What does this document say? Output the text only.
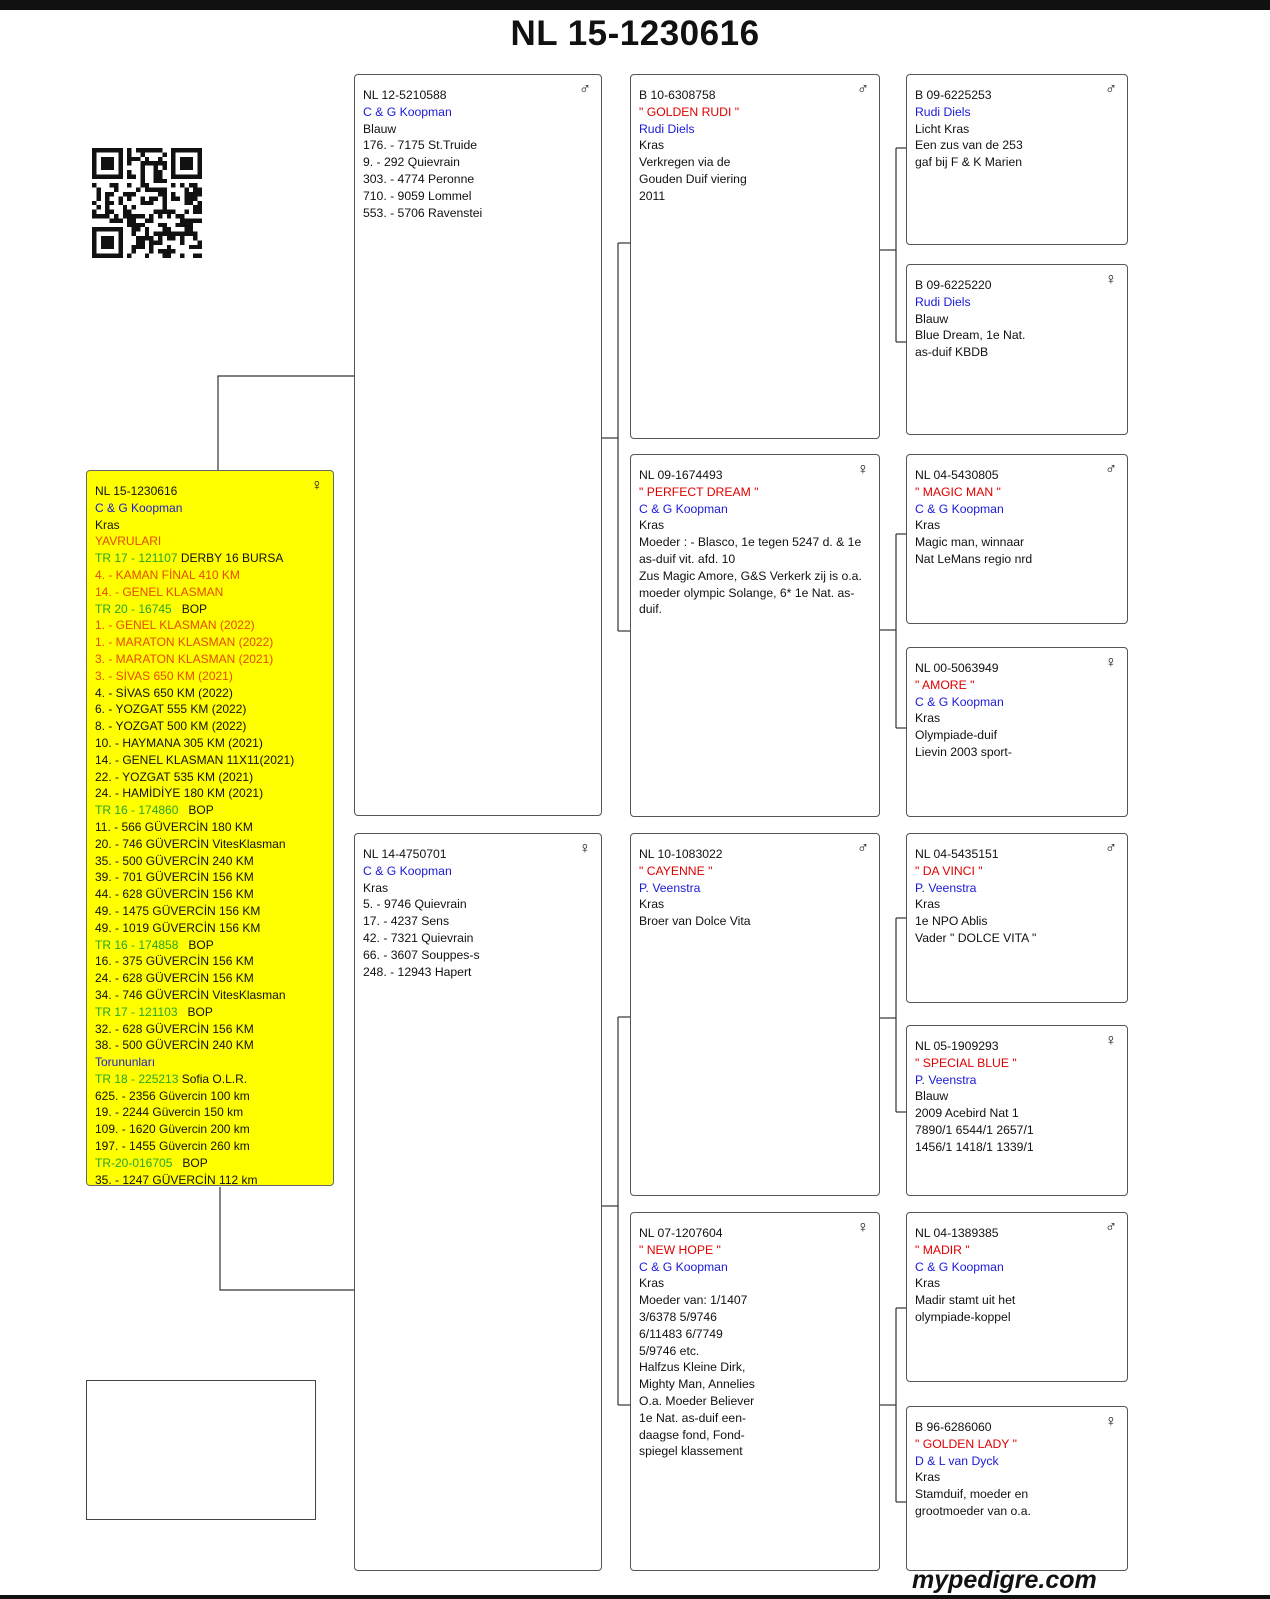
NL 15-1230616
♀
NL 15-1230616
C & G Koopman
Kras
YAVRULARI
TR 17 - 121107 DERBY 16 BURSA
4. - KAMAN FİNAL 410 KM
14. - GENEL KLASMAN
TR 20 - 16745   BOP
1. - GENEL KLASMAN (2022)
1. - MARATON KLASMAN (2022)
3. - MARATON KLASMAN (2021)
3. - SİVAS 650 KM (2021)
4. - SİVAS 650 KM (2022)
6. - YOZGAT 555 KM (2022)
8. - YOZGAT 500 KM (2022)
10. - HAYMANA 305 KM (2021)
14. - GENEL KLASMAN 11X11(2021)
22. - YOZGAT 535 KM (2021)
24. - HAMİDİYE 180 KM (2021)
TR 16 - 174860   BOP
11. - 566 GÜVERCİN 180 KM
20. - 746 GÜVERCİN VitesKlasman
35. - 500 GÜVERCİN 240 KM
39. - 701 GÜVERCİN 156 KM
44. - 628 GÜVERCİN 156 KM
49. - 1475 GÜVERCİN 156 KM
49. - 1019 GÜVERCİN 156 KM
TR 16 - 174858   BOP
16. - 375 GÜVERCİN 156 KM
24. - 628 GÜVERCİN 156 KM
34. - 746 GÜVERCİN VitesKlasman
TR 17 - 121103   BOP
32. - 628 GÜVERCİN 156 KM
38. - 500 GÜVERCİN 240 KM
Torununları
TR 18 - 225213 Sofia O.L.R.
625. - 2356 Güvercin 100 km
19. - 2244 Güvercin 150 km
109. - 1620 Güvercin 200 km
197. - 1455 Güvercin 260 km
TR-20-016705   BOP
35. - 1247 GÜVERCİN 112 km
♂
NL 12-5210588
C & G Koopman
Blauw
176. - 7175 St.Truide
9. - 292 Quievrain
303. - 4774 Peronne
710. - 9059 Lommel
553. - 5706 Ravenstei
♀
NL 14-4750701
C & G Koopman
Kras
5. - 9746 Quievrain
17. - 4237 Sens
42. - 7321 Quievrain
66. - 3607 Souppes-s
248. - 12943 Hapert
♂
B 10-6308758
" GOLDEN RUDI "
Rudi Diels
Kras
Verkregen via de
Gouden Duif viering
2011
♀
NL 09-1674493
" PERFECT DREAM "
C & G Koopman
Kras
Moeder : - Blasco, 1e tegen 5247 d. & 1e
as-duif vit. afd. 10
Zus Magic Amore, G&S Verkerk zij is o.a.
moeder olympic Solange, 6* 1e Nat. as-
duif.
♂
NL 10-1083022
" CAYENNE "
P. Veenstra
Kras
Broer van Dolce Vita
♀
NL 07-1207604
" NEW HOPE "
C & G Koopman
Kras
Moeder van: 1/1407
3/6378 5/9746
6/11483 6/7749
5/9746 etc.
Halfzus Kleine Dirk,
Mighty Man, Annelies
O.a. Moeder Believer
1e Nat. as-duif een-
daagse fond, Fond-
spiegel klassement
♂
B 09-6225253
Rudi Diels
Licht Kras
Een zus van de 253
gaf bij F & K Marien
♀
B 09-6225220
Rudi Diels
Blauw
Blue Dream, 1e Nat.
as-duif KBDB
♂
NL 04-5430805
" MAGIC MAN "
C & G Koopman
Kras
Magic man, winnaar
Nat LeMans regio nrd
♀
NL 00-5063949
" AMORE "
C & G Koopman
Kras
Olympiade-duif
Lievin 2003 sport-
♂
NL 04-5435151
" DA VINCI "
P. Veenstra
Kras
1e NPO Ablis
Vader " DOLCE VITA "
♀
NL 05-1909293
" SPECIAL BLUE "
P. Veenstra
Blauw
2009 Acebird Nat 1
7890/1 6544/1 2657/1
1456/1 1418/1 1339/1
♂
NL 04-1389385
" MADIR "
C & G Koopman
Kras
Madir stamt uit het
olympiade-koppel
♀
B 96-6286060
" GOLDEN LADY "
D & L van Dyck
Kras
Stamduif, moeder en
grootmoeder van o.a.
mypedigre.com
